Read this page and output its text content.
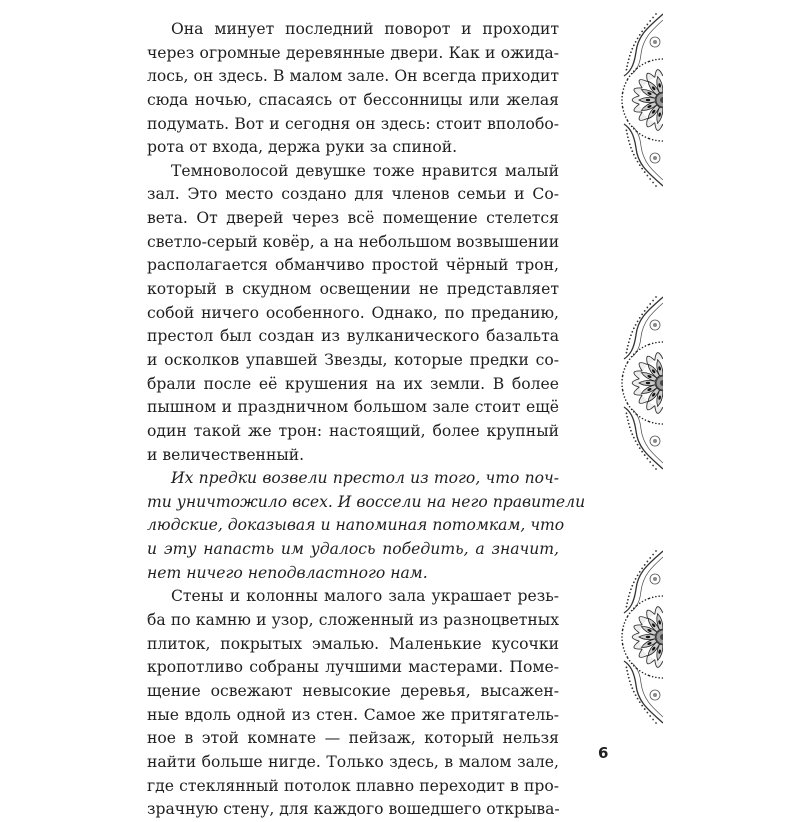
Она минует последний поворот и проходит
через огромные деревянные двери. Как и ожида-
лось, он здесь. В малом зале. Он всегда приходит
сюда ночью, спасаясь от бессонницы или желая
подумать. Вот и сегодня он здесь: стоит вполобо-
рота от входа, держа руки за спиной.
Темноволосой девушке тоже нравится малый
зал. Это место создано для членов семьи и Со-
вета. От дверей через всё помещение стелется
светло-серый ковёр, а на небольшом возвышении
располагается обманчиво простой чёрный трон,
который в скудном освещении не представляет
собой ничего особенного. Однако, по преданию,
престол был создан из вулканического базальта
и осколков упавшей Звезды, которые предки со-
брали после её крушения на их земли. В более
пышном и праздничном большом зале стоит ещё
один такой же трон: настоящий, более крупный
и величественный.
Их предки возвели престол из того, что поч-
ти уничтожило всех. И воссели на него правители
людские, доказывая и напоминая потомкам, что
и эту напасть им удалось победить, а значит,
нет ничего неподвластного нам.
Стены и колонны малого зала украшает резь-
ба по камню и узор, сложенный из разноцветных
плиток, покрытых эмалью. Маленькие кусочки
кропотливо собраны лучшими мастерами. Поме-
щение освежают невысокие деревья, высажен-
ные вдоль одной из стен. Самое же притягатель-
ное в этой комнате — пейзаж, который нельзя
найти больше нигде. Только здесь, в малом зале,
где стеклянный потолок плавно переходит в про-
зрачную стену, для каждого вошедшего открыва-
6
